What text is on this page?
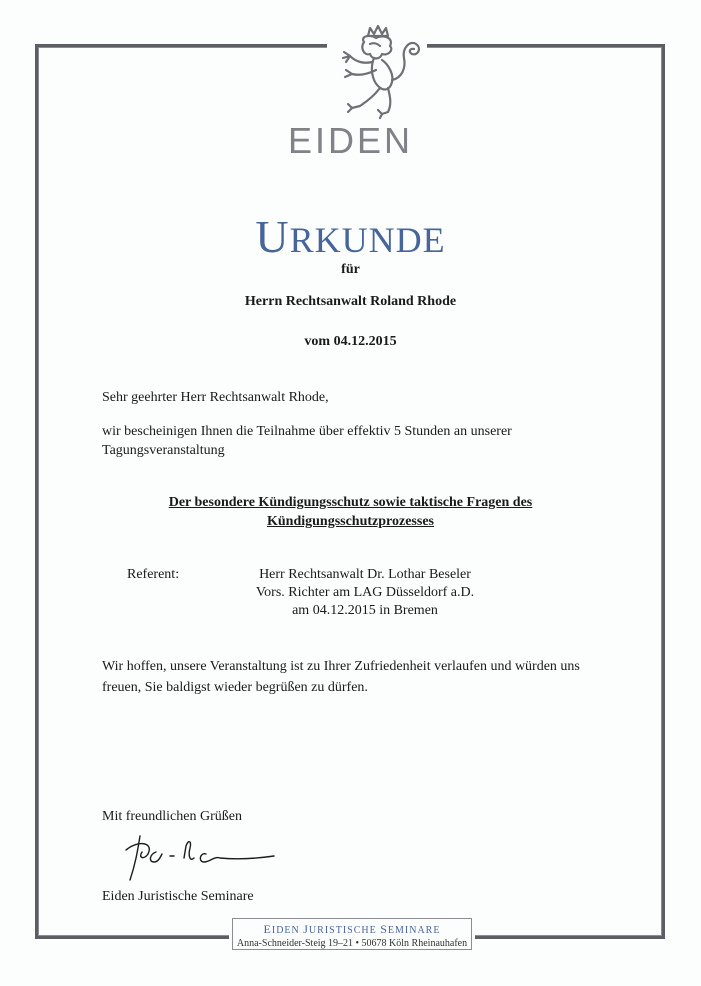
EIDEN
URKUNDE
für
Herrn Rechtsanwalt Roland Rhode
vom 04.12.2015
Sehr geehrter Herr Rechtsanwalt Rhode,
wir bescheinigen Ihnen die Teilnahme über effektiv 5 Stunden an unserer
Tagungsveranstaltung
Der besondere Kündigungsschutz sowie taktische Fragen des
Kündigungsschutzprozesses
Referent:	Herr Rechtsanwalt Dr. Lothar Beseler
Vors. Richter am LAG Düsseldorf a.D.
am 04.12.2015 in Bremen
Wir hoffen, unsere Veranstaltung ist zu Ihrer Zufriedenheit verlaufen und würden uns
freuen, Sie baldigst wieder begrüßen zu dürfen.
Mit freundlichen Grüßen
Eiden Juristische Seminare
EIDEN JURISTISCHE SEMINARE
Anna-Schneider-Steig 19–21 • 50678 Köln Rheinauhafen
